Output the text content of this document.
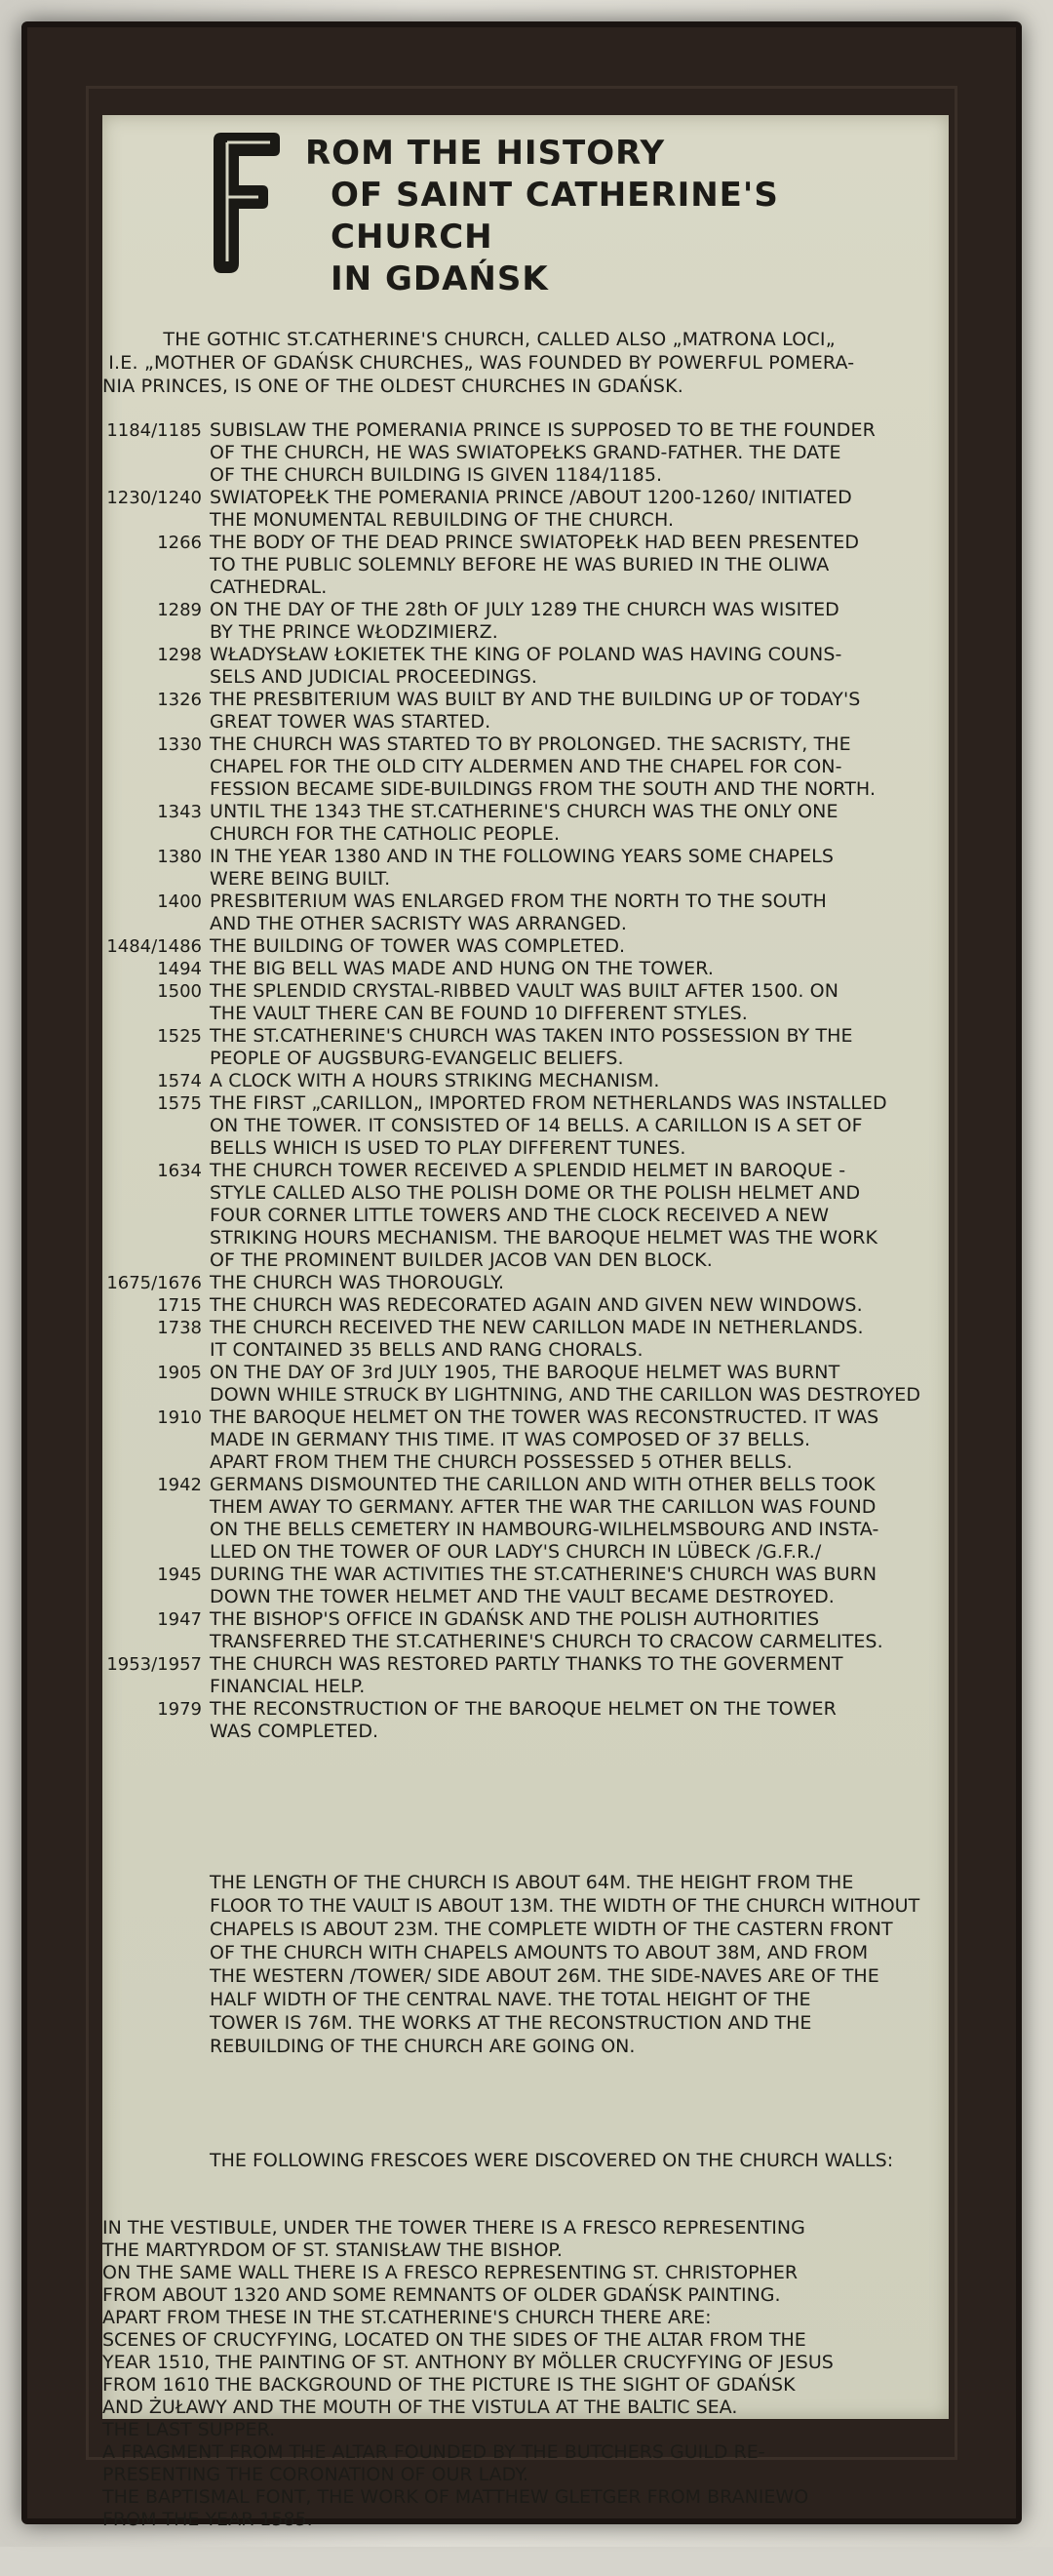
ROM THE HISTORY
OF SAINT CATHERINE'S CHURCH
IN GDAŃSK
THE GOTHIC ST.CATHERINE'S CHURCH, CALLED ALSO „MATRONA LOCI„
I.E. „MOTHER OF GDAŃSK CHURCHES„ WAS FOUNDED BY POWERFUL POMERA-
NIA PRINCES, IS ONE OF THE OLDEST CHURCHES IN GDAŃSK.
1184/1185 SUBISLAW THE POMERANIA PRINCE IS SUPPOSED TO BE THE FOUNDER
OF THE CHURCH, HE WAS SWIATOPEŁKS GRAND-FATHER. THE DATE
OF THE CHURCH BUILDING IS GIVEN 1184/1185.
1230/1240 SWIATOPEŁK THE POMERANIA PRINCE /ABOUT 1200-1260/ INITIATED
THE MONUMENTAL REBUILDING OF THE CHURCH.
1266 THE BODY OF THE DEAD PRINCE SWIATOPEŁK HAD BEEN PRESENTED
TO THE PUBLIC SOLEMNLY BEFORE HE WAS BURIED IN THE OLIWA
CATHEDRAL.
1289 ON THE DAY OF THE 28th OF JULY 1289 THE CHURCH WAS WISITED
BY THE PRINCE WŁODZIMIERZ.
1298 WŁADYSŁAW ŁOKIETEK THE KING OF POLAND WAS HAVING COUNS-
SELS AND JUDICIAL PROCEEDINGS.
1326 THE PRESBITERIUM WAS BUILT BY AND THE BUILDING UP OF TODAY'S
GREAT TOWER WAS STARTED.
1330 THE CHURCH WAS STARTED TO BY PROLONGED. THE SACRISTY, THE
CHAPEL FOR THE OLD CITY ALDERMEN AND THE CHAPEL FOR CON-
FESSION BECAME SIDE-BUILDINGS FROM THE SOUTH AND THE NORTH.
1343 UNTIL THE 1343 THE ST.CATHERINE'S CHURCH WAS THE ONLY ONE
CHURCH FOR THE CATHOLIC PEOPLE.
1380 IN THE YEAR 1380 AND IN THE FOLLOWING YEARS SOME CHAPELS
WERE BEING BUILT.
1400 PRESBITERIUM WAS ENLARGED FROM THE NORTH TO THE SOUTH
AND THE OTHER SACRISTY WAS ARRANGED.
1484/1486 THE BUILDING OF TOWER WAS COMPLETED.
1494 THE BIG BELL WAS MADE AND HUNG ON THE TOWER.
1500 THE SPLENDID CRYSTAL-RIBBED VAULT WAS BUILT AFTER 1500. ON
THE VAULT THERE CAN BE FOUND 10 DIFFERENT STYLES.
1525 THE ST.CATHERINE'S CHURCH WAS TAKEN INTO POSSESSION BY THE
PEOPLE OF AUGSBURG-EVANGELIC BELIEFS.
1574 A CLOCK WITH A HOURS STRIKING MECHANISM.
1575 THE FIRST „CARILLON„ IMPORTED FROM NETHERLANDS WAS INSTALLED
ON THE TOWER. IT CONSISTED OF 14 BELLS. A CARILLON IS A SET OF
BELLS WHICH IS USED TO PLAY DIFFERENT TUNES.
1634 THE CHURCH TOWER RECEIVED A SPLENDID HELMET IN BAROQUE -
STYLE CALLED ALSO THE POLISH DOME OR THE POLISH HELMET AND
FOUR CORNER LITTLE TOWERS AND THE CLOCK RECEIVED A NEW
STRIKING HOURS MECHANISM. THE BAROQUE HELMET WAS THE WORK
OF THE PROMINENT BUILDER JACOB VAN DEN BLOCK.
1675/1676 THE CHURCH WAS THOROUGLY.
1715 THE CHURCH WAS REDECORATED AGAIN AND GIVEN NEW WINDOWS.
1738 THE CHURCH RECEIVED THE NEW CARILLON MADE IN NETHERLANDS.
IT CONTAINED 35 BELLS AND RANG CHORALS.
1905 ON THE DAY OF 3rd JULY 1905, THE BAROQUE HELMET WAS BURNT
DOWN WHILE STRUCK BY LIGHTNING, AND THE CARILLON WAS DESTROYED
1910 THE BAROQUE HELMET ON THE TOWER WAS RECONSTRUCTED. IT WAS
MADE IN GERMANY THIS TIME. IT WAS COMPOSED OF 37 BELLS.
APART FROM THEM THE CHURCH POSSESSED 5 OTHER BELLS.
1942 GERMANS DISMOUNTED THE CARILLON AND WITH OTHER BELLS TOOK
THEM AWAY TO GERMANY. AFTER THE WAR THE CARILLON WAS FOUND
ON THE BELLS CEMETERY IN HAMBOURG-WILHELMSBOURG AND INSTA-
LLED ON THE TOWER OF OUR LADY'S CHURCH IN LÜBECK /G.F.R./
1945 DURING THE WAR ACTIVITIES THE ST.CATHERINE'S CHURCH WAS BURN
DOWN THE TOWER HELMET AND THE VAULT BECAME DESTROYED.
1947 THE BISHOP'S OFFICE IN GDAŃSK AND THE POLISH AUTHORITIES
TRANSFERRED THE ST.CATHERINE'S CHURCH TO CRACOW CARMELITES.
1953/1957 THE CHURCH WAS RESTORED PARTLY THANKS TO THE GOVERMENT
FINANCIAL HELP.
1979 THE RECONSTRUCTION OF THE BAROQUE HELMET ON THE TOWER
WAS COMPLETED.
THE LENGTH OF THE CHURCH IS ABOUT 64M. THE HEIGHT FROM THE
FLOOR TO THE VAULT IS ABOUT 13M. THE WIDTH OF THE CHURCH WITHOUT
CHAPELS IS ABOUT 23M. THE COMPLETE WIDTH OF THE CASTERN FRONT
OF THE CHURCH WITH CHAPELS AMOUNTS TO ABOUT 38M, AND FROM
THE WESTERN /TOWER/ SIDE ABOUT 26M. THE SIDE-NAVES ARE OF THE
HALF WIDTH OF THE CENTRAL NAVE. THE TOTAL HEIGHT OF THE
TOWER IS 76M. THE WORKS AT THE RECONSTRUCTION AND THE
REBUILDING OF THE CHURCH ARE GOING ON.

THE FOLLOWING FRESCOES WERE DISCOVERED ON THE CHURCH WALLS:

IN THE VESTIBULE, UNDER THE TOWER THERE IS A FRESCO REPRESENTING
THE MARTYRDOM OF ST. STANISŁAW THE BISHOP.
ON THE SAME WALL THERE IS A FRESCO REPRESENTING ST. CHRISTOPHER
FROM ABOUT 1320 AND SOME REMNANTS OF OLDER GDAŃSK PAINTING.
APART FROM THESE IN THE ST.CATHERINE'S CHURCH THERE ARE:
SCENES OF CRUCYFYING, LOCATED ON THE SIDES OF THE ALTAR FROM THE
YEAR 1510, THE PAINTING OF ST. ANTHONY BY MÖLLER CRUCYFYING OF JESUS
FROM 1610 THE BACKGROUND OF THE PICTURE IS THE SIGHT OF GDAŃSK
AND ŻUŁAWY AND THE MOUTH OF THE VISTULA AT THE BALTIC SEA.
THE LAST SUPPER.
A FRAGMENT FROM THE ALTAR FOUNDED BY THE BUTCHERS GUILD RE-
PRESENTING THE CORONATION OF OUR LADY.
THE BAPTISMAL FONT, THE WORK OF MATTHEW GLETGER FROM BRANIEWO
FROM THE YEAR 1585.
